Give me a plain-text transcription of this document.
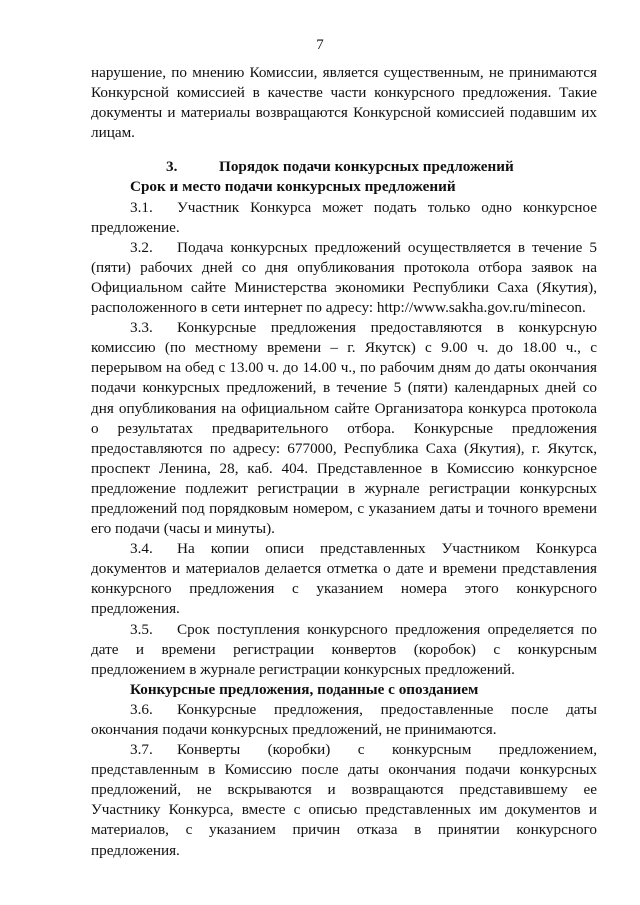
7

нарушение, по мнению Комиссии, является существенным, не принимаются Конкурсной комиссией в качестве части конкурсного предложения. Такие документы и материалы возвращаются Конкурсной комиссией подавшим их лицам.

3.	Порядок подачи конкурсных предложений

Срок и место подачи конкурсных предложений

3.1. Участник Конкурса может подать только одно конкурсное предложение.

3.2. Подача конкурсных предложений осуществляется в течение 5 (пяти) рабочих дней со дня опубликования протокола отбора заявок на Официальном сайте Министерства экономики Республики Саха (Якутия), расположенного в сети интернет по адресу: http://www.sakha.gov.ru/minecon.

3.3. Конкурсные предложения предоставляются в конкурсную комиссию (по местному времени – г. Якутск) с 9.00 ч. до 18.00 ч., с перерывом на обед с 13.00 ч. до 14.00 ч., по рабочим дням до даты окончания подачи конкурсных предложений, в течение 5 (пяти) календарных дней со дня опубликования на официальном сайте Организатора конкурса протокола о результатах предварительного отбора. Конкурсные предложения предоставляются по адресу: 677000, Республика Саха (Якутия), г. Якутск, проспект Ленина, 28, каб. 404. Представленное в Комиссию конкурсное предложение подлежит регистрации в журнале регистрации конкурсных предложений под порядковым номером, с указанием даты и точного времени его подачи (часы и минуты).

3.4. На копии описи представленных Участником Конкурса документов и материалов делается отметка о дате и времени представления конкурсного предложения с указанием номера этого конкурсного предложения.

3.5. Срок поступления конкурсного предложения определяется по дате и времени регистрации конвертов (коробок) с конкурсным предложением в журнале регистрации конкурсных предложений.

Конкурсные предложения, поданные с опозданием

3.6. Конкурсные предложения, предоставленные после даты окончания подачи конкурсных предложений, не принимаются.

3.7. Конверты (коробки) с конкурсным предложением, представленным в Комиссию после даты окончания подачи конкурсных предложений, не вскрываются и возвращаются представившему ее Участнику Конкурса, вместе с описью представленных им документов и материалов, с указанием причин отказа в принятии конкурсного предложения.
